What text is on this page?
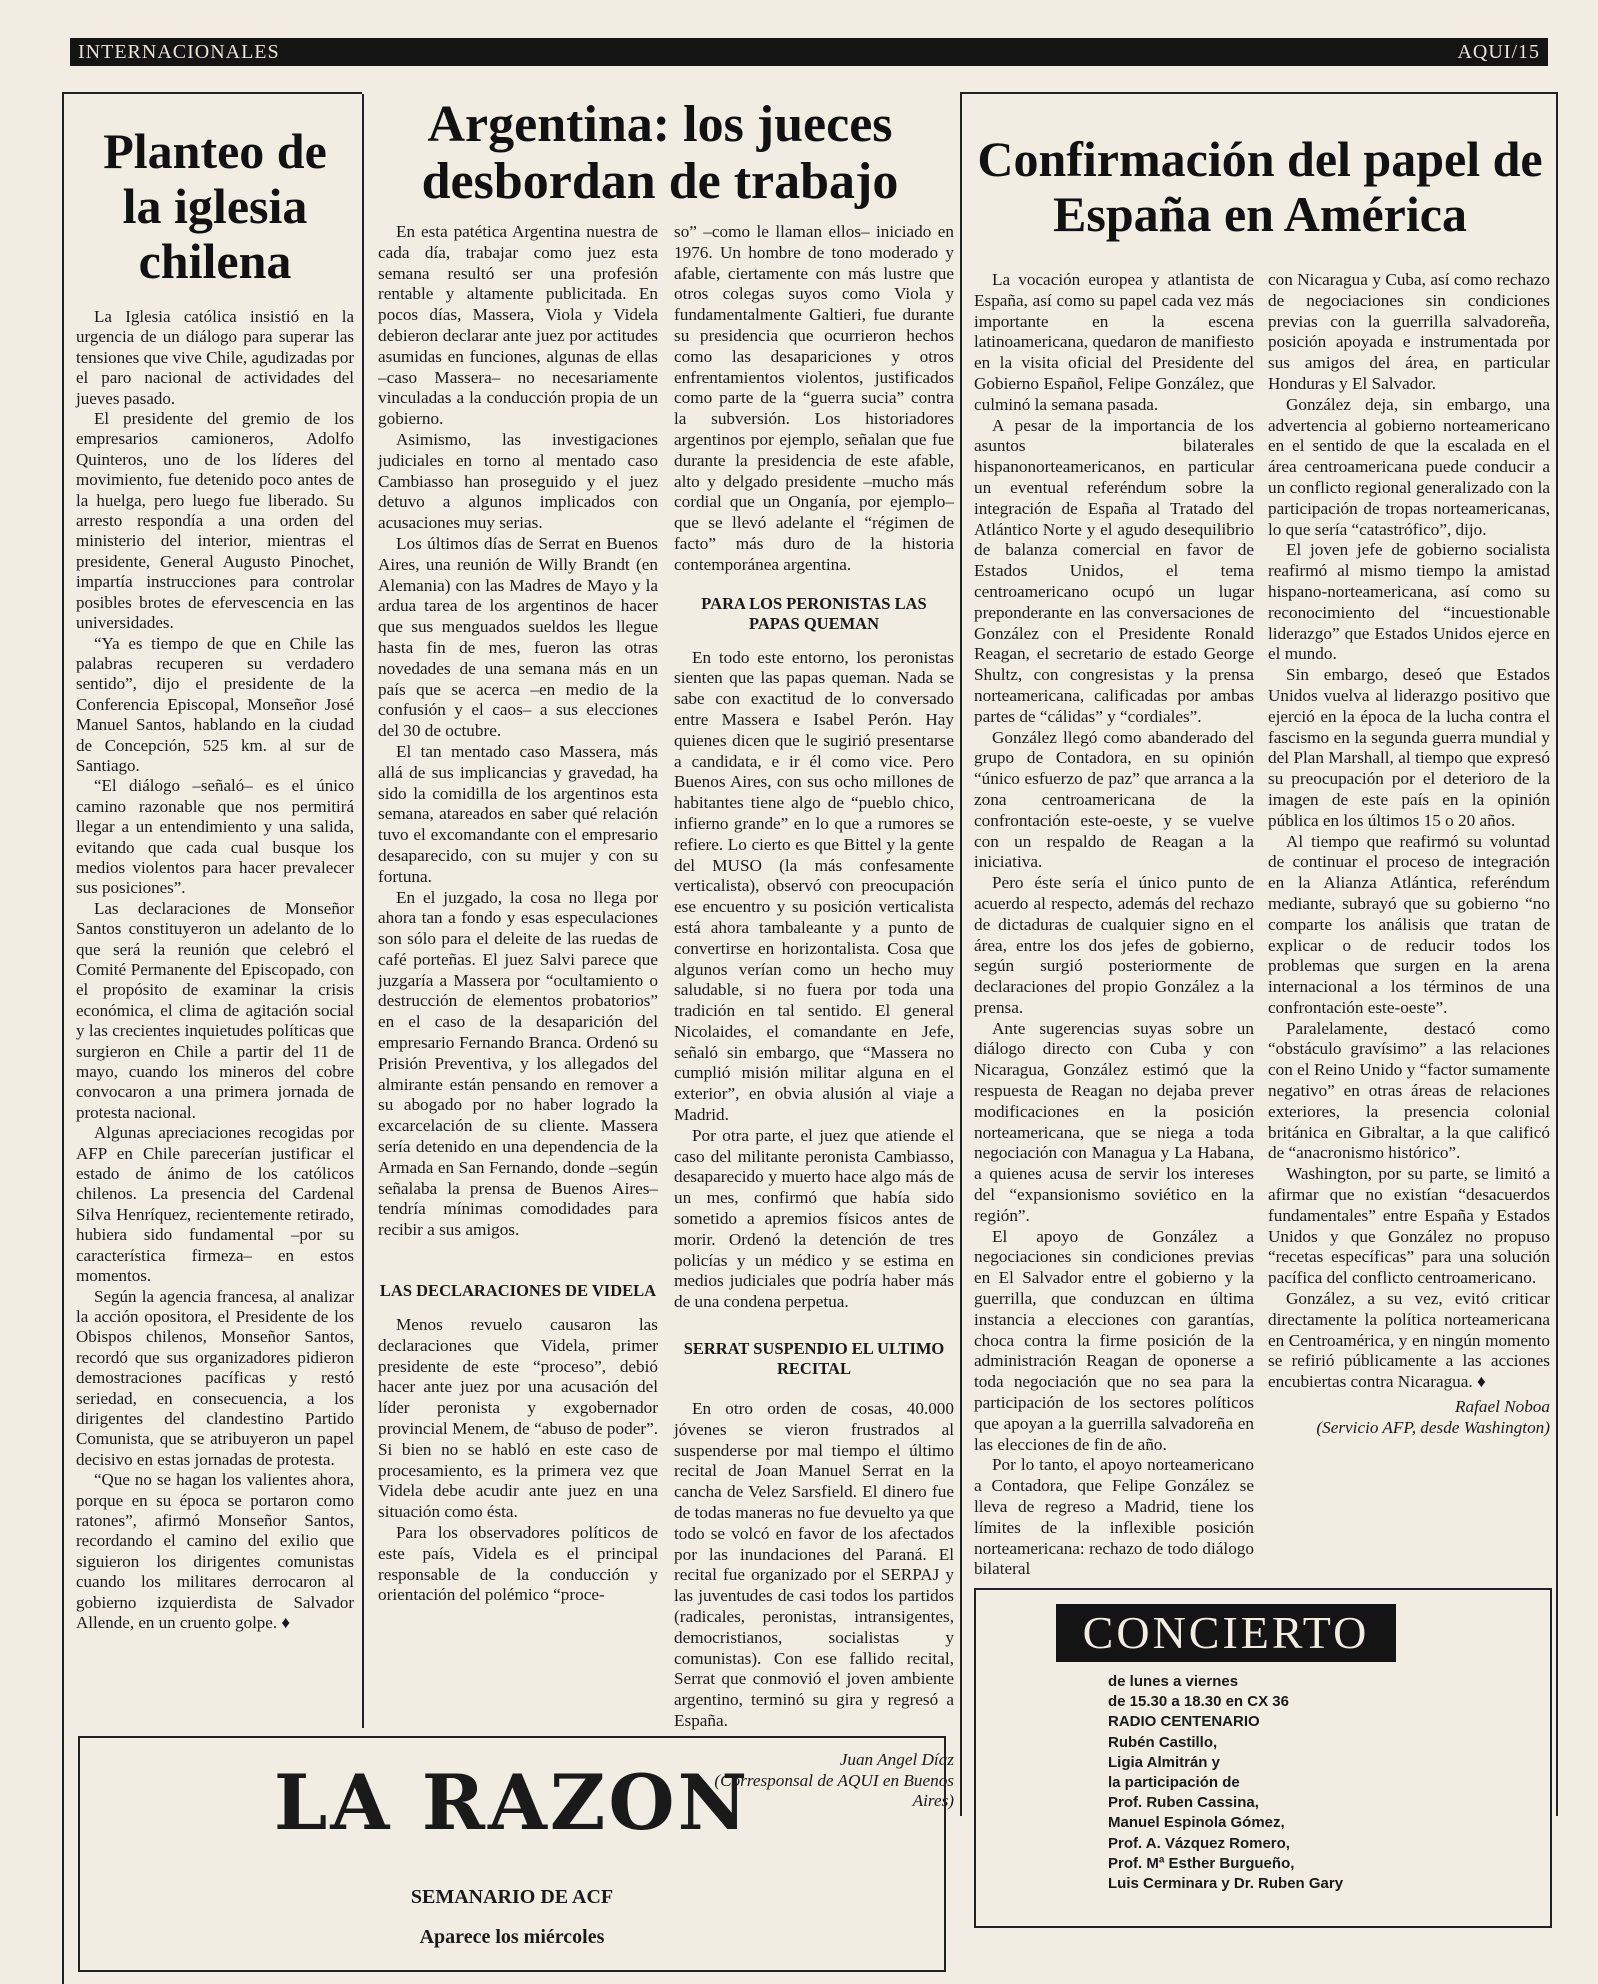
INTERNACIONALES	AQUI/15
Planteo de la iglesia chilena

La Iglesia católica insistió en la urgencia de un diálogo para superar las tensiones que vive Chile, agudizadas por el paro nacional de actividades del jueves pasado.

El presidente del gremio de los empresarios camioneros, Adolfo Quinteros, uno de los líderes del movimiento, fue detenido poco antes de la huelga, pero luego fue liberado. Su arresto respondía a una orden del ministerio del interior, mientras el presidente, General Augusto Pinochet, impartía instrucciones para controlar posibles brotes de efervescencia en las universidades.

“Ya es tiempo de que en Chile las palabras recuperen su verdadero sentido”, dijo el presidente de la Conferencia Episcopal, Monseñor José Manuel Santos, hablando en la ciudad de Concepción, 525 km. al sur de Santiago.

“El diálogo –señaló– es el único camino razonable que nos permitirá llegar a un entendimiento y una salida, evitando que cada cual busque los medios violentos para hacer prevalecer sus posiciones”.

Las declaraciones de Monseñor Santos constituyeron un adelanto de lo que será la reunión que celebró el Comité Permanente del Episcopado, con el propósito de examinar la crisis económica, el clima de agitación social y las crecientes inquietudes políticas que surgieron en Chile a partir del 11 de mayo, cuando los mineros del cobre convocaron a una primera jornada de protesta nacional.

Algunas apreciaciones recogidas por AFP en Chile parecerían justificar el estado de ánimo de los católicos chilenos. La presencia del Cardenal Silva Henríquez, recientemente retirado, hubiera sido fundamental –por su característica firmeza– en estos momentos.

Según la agencia francesa, al analizar la acción opositora, el Presidente de los Obispos chilenos, Monseñor Santos, recordó que sus organizadores pidieron demostraciones pacíficas y restó seriedad, en consecuencia, a los dirigentes del clandestino Partido Comunista, que se atribuyeron un papel decisivo en estas jornadas de protesta.

“Que no se hagan los valientes ahora, porque en su época se portaron como ratones”, afirmó Monseñor Santos, recordando el camino del exilio que siguieron los dirigentes comunistas cuando los militares derrocaron al gobierno izquierdista de Salvador Allende, en un cruento golpe. ♦

Argentina: los jueces desbordan de trabajo

En esta patética Argentina nuestra de cada día, trabajar como juez esta semana resultó ser una profesión rentable y altamente publicitada. En pocos días, Massera, Viola y Videla debieron declarar ante juez por actitudes asumidas en funciones, algunas de ellas –caso Massera– no necesariamente vinculadas a la conducción propia de un gobierno.

Asimismo, las investigaciones judiciales en torno al mentado caso Cambiasso han proseguido y el juez detuvo a algunos implicados con acusaciones muy serias.

Los últimos días de Serrat en Buenos Aires, una reunión de Willy Brandt (en Alemania) con las Madres de Mayo y la ardua tarea de los argentinos de hacer que sus menguados sueldos les llegue hasta fin de mes, fueron las otras novedades de una semana más en un país que se acerca –en medio de la confusión y el caos– a sus elecciones del 30 de octubre.

El tan mentado caso Massera, más allá de sus implicancias y gravedad, ha sido la comidilla de los argentinos esta semana, atareados en saber qué relación tuvo el excomandante con el empresario desaparecido, con su mujer y con su fortuna.

En el juzgado, la cosa no llega por ahora tan a fondo y esas especulaciones son sólo para el deleite de las ruedas de café porteñas. El juez Salvi parece que juzgaría a Massera por “ocultamiento o destrucción de elementos probatorios” en el caso de la desaparición del empresario Fernando Branca. Ordenó su Prisión Preventiva, y los allegados del almirante están pensando en remover a su abogado por no haber logrado la excarcelación de su cliente. Massera sería detenido en una dependencia de la Armada en San Fernando, donde –según señalaba la prensa de Buenos Aires– tendría mínimas comodidades para recibir a sus amigos.

LAS DECLARACIONES DE VIDELA

Menos revuelo causaron las declaraciones que Videla, primer presidente de este “proceso”, debió hacer ante juez por una acusación del líder peronista y exgobernador provincial Menem, de “abuso de poder”. Si bien no se habló en este caso de procesamiento, es la primera vez que Videla debe acudir ante juez en una situación como ésta.

Para los observadores políticos de este país, Videla es el principal responsable de la conducción y orientación del polémico “proce-

so” –como le llaman ellos– iniciado en 1976. Un hombre de tono moderado y afable, ciertamente con más lustre que otros colegas suyos como Viola y fundamentalmente Galtieri, fue durante su presidencia que ocurrieron hechos como las desapariciones y otros enfrentamientos violentos, justificados como parte de la “guerra sucia” contra la subversión. Los historiadores argentinos por ejemplo, señalan que fue durante la presidencia de este afable, alto y delgado presidente –mucho más cordial que un Onganía, por ejemplo– que se llevó adelante el “régimen de facto” más duro de la historia contemporánea argentina.

PARA LOS PERONISTAS LAS PAPAS QUEMAN

En todo este entorno, los peronistas sienten que las papas queman. Nada se sabe con exactitud de lo conversado entre Massera e Isabel Perón. Hay quienes dicen que le sugirió presentarse a candidata, e ir él como vice. Pero Buenos Aires, con sus ocho millones de habitantes tiene algo de “pueblo chico, infierno grande” en lo que a rumores se refiere. Lo cierto es que Bittel y la gente del MUSO (la más confesamente verticalista), observó con preocupación ese encuentro y su posición verticalista está ahora tambaleante y a punto de convertirse en horizontalista. Cosa que algunos verían como un hecho muy saludable, si no fuera por toda una tradición en tal sentido. El general Nicolaides, el comandante en Jefe, señaló sin embargo, que “Massera no cumplió misión militar alguna en el exterior”, en obvia alusión al viaje a Madrid.

Por otra parte, el juez que atiende el caso del militante peronista Cambiasso, desaparecido y muerto hace algo más de un mes, confirmó que había sido sometido a apremios físicos antes de morir. Ordenó la detención de tres policías y un médico y se estima en medios judiciales que podría haber más de una condena perpetua.

SERRAT SUSPENDIO EL ULTIMO RECITAL

En otro orden de cosas, 40.000 jóvenes se vieron frustrados al suspenderse por mal tiempo el último recital de Joan Manuel Serrat en la cancha de Velez Sarsfield. El dinero fue de todas maneras no fue devuelto ya que todo se volcó en favor de los afectados por las inundaciones del Paraná. El recital fue organizado por el SERPAJ y las juventudes de casi todos los partidos (radicales, peronistas, intransigentes, democristianos, socialistas y comunistas). Con ese fallido recital, Serrat que conmovió el joven ambiente argentino, terminó su gira y regresó a España.

Juan Angel Díaz

(Corresponsal de AQUI en Buenos Aires)

Confirmación del papel de España en América

La vocación europea y atlantista de España, así como su papel cada vez más importante en la escena latinoamericana, quedaron de manifiesto en la visita oficial del Presidente del Gobierno Español, Felipe González, que culminó la semana pasada.

A pesar de la importancia de los asuntos bilaterales hispanonorteamericanos, en particular un eventual referéndum sobre la integración de España al Tratado del Atlántico Norte y el agudo desequilibrio de balanza comercial en favor de Estados Unidos, el tema centroamericano ocupó un lugar preponderante en las conversaciones de González con el Presidente Ronald Reagan, el secretario de estado George Shultz, con congresistas y la prensa norteamericana, calificadas por ambas partes de “cálidas” y “cordiales”.

González llegó como abanderado del grupo de Contadora, en su opinión “único esfuerzo de paz” que arranca a la zona centroamericana de la confrontación este-oeste, y se vuelve con un respaldo de Reagan a la iniciativa.

Pero éste sería el único punto de acuerdo al respecto, además del rechazo de dictaduras de cualquier signo en el área, entre los dos jefes de gobierno, según surgió posteriormente de declaraciones del propio González a la prensa.

Ante sugerencias suyas sobre un diálogo directo con Cuba y con Nicaragua, González estimó que la respuesta de Reagan no dejaba prever modificaciones en la posición norteamericana, que se niega a toda negociación con Managua y La Habana, a quienes acusa de servir los intereses del “expansionismo soviético en la región”.

El apoyo de González a negociaciones sin condiciones previas en El Salvador entre el gobierno y la guerrilla, que conduzcan en última instancia a elecciones con garantías, choca contra la firme posición de la administración Reagan de oponerse a toda negociación que no sea para la participación de los sectores políticos que apoyan a la guerrilla salvadoreña en las elecciones de fin de año.

Por lo tanto, el apoyo norteamericano a Contadora, que Felipe González se lleva de regreso a Madrid, tiene los límites de la inflexible posición norteamericana: rechazo de todo diálogo bilateral

con Nicaragua y Cuba, así como rechazo de negociaciones sin condiciones previas con la guerrilla salvadoreña, posición apoyada e instrumentada por sus amigos del área, en particular Honduras y El Salvador.

González deja, sin embargo, una advertencia al gobierno norteamericano en el sentido de que la escalada en el área centroamericana puede conducir a un conflicto regional generalizado con la participación de tropas norteamericanas, lo que sería “catastrófico”, dijo.

El joven jefe de gobierno socialista reafirmó al mismo tiempo la amistad hispano-norteamericana, así como su reconocimiento del “incuestionable liderazgo” que Estados Unidos ejerce en el mundo.

Sin embargo, deseó que Estados Unidos vuelva al liderazgo positivo que ejerció en la época de la lucha contra el fascismo en la segunda guerra mundial y del Plan Marshall, al tiempo que expresó su preocupación por el deterioro de la imagen de este país en la opinión pública en los últimos 15 o 20 años.

Al tiempo que reafirmó su voluntad de continuar el proceso de integración en la Alianza Atlántica, referéndum mediante, subrayó que su gobierno “no comparte los análisis que tratan de explicar o de reducir todos los problemas que surgen en la arena internacional a los términos de una confrontación este-oeste”.

Paralelamente, destacó como “obstáculo gravísimo” a las relaciones con el Reino Unido y “factor sumamente negativo” en otras áreas de relaciones exteriores, la presencia colonial británica en Gibraltar, a la que calificó de “anacronismo histórico”.

Washington, por su parte, se limitó a afirmar que no existían “desacuerdos fundamentales” entre España y Estados Unidos y que González no propuso “recetas específicas” para una solución pacífica del conflicto centroamericano.

González, a su vez, evitó criticar directamente la política norteamericana en Centroamérica, y en ningún momento se refirió públicamente a las acciones encubiertas contra Nicaragua. ♦

Rafael Noboa

(Servicio AFP, desde Washington)

LA RAZON
SEMANARIO DE ACF
Aparece los miércoles
CONCIERTO
de lunes a viernes
de 15.30 a 18.30 en CX 36
RADIO CENTENARIO
Rubén Castillo,
Ligia Almitrán y
la participación de
Prof. Ruben Cassina,
Manuel Espinola Gómez,
Prof. A. Vázquez Romero,
Prof. Mª Esther Burgueño,
Luis Cerminara y Dr. Ruben Gary
